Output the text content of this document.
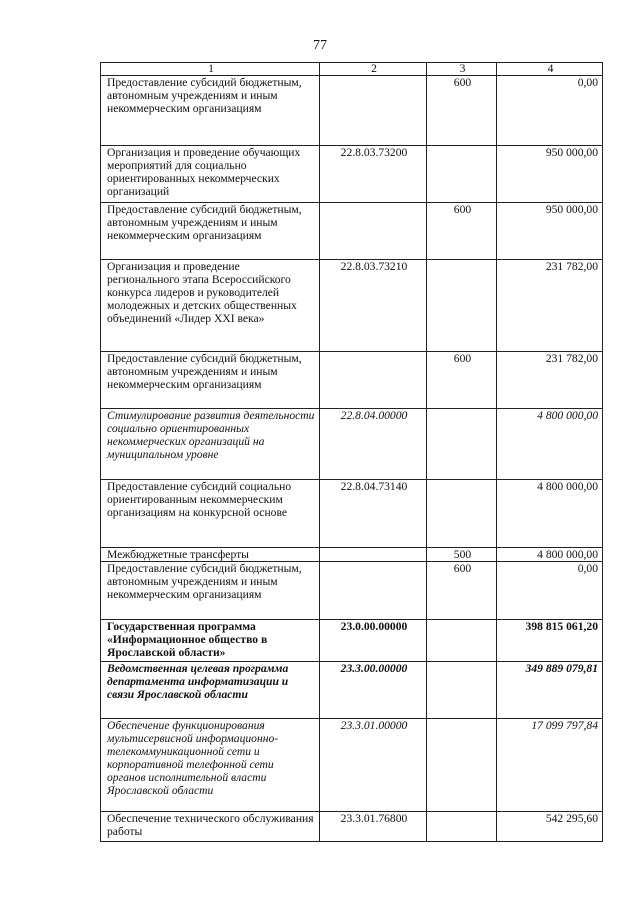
77
1	2	3	4
Предоставление субсидий бюджетным, автономным учреждениям и иным некоммерческим организациям		600	0,00
Организация и проведение обучающих мероприятий для социально ориентированных некоммерческих организаций	22.8.03.73200		950 000,00
Предоставление субсидий бюджетным, автономным учреждениям и иным некоммерческим организациям		600	950 000,00
Организация и проведение регионального этапа Всероссийского конкурса лидеров и руководителей молодежных и детских общественных объединений «Лидер XXI века»	22.8.03.73210		231 782,00
Предоставление субсидий бюджетным, автономным учреждениям и иным некоммерческим организациям		600	231 782,00
Стимулирование развития деятельности социально ориентированных некоммерческих организаций на муниципальном уровне	22.8.04.00000		4 800 000,00
Предоставление субсидий социально ориентированным некоммерческим организациям на конкурсной основе	22.8.04.73140		4 800 000,00
Межбюджетные трансферты		500	4 800 000,00
Предоставление субсидий бюджетным, автономным учреждениям и иным некоммерческим организациям		600	0,00
Государственная программа «Информационное общество в Ярославской области»	23.0.00.00000		398 815 061,20
Ведомственная целевая программа департамента информатизации и связи Ярославской области	23.3.00.00000		349 889 079,81
Обеспечение функционирования мультисервисной информационно-телекоммуникационной сети и корпоративной телефонной сети органов исполнительной власти Ярославской области	23.3.01.00000		17 099 797,84
Обеспечение технического обслуживания работы	23.3.01.76800		542 295,60
